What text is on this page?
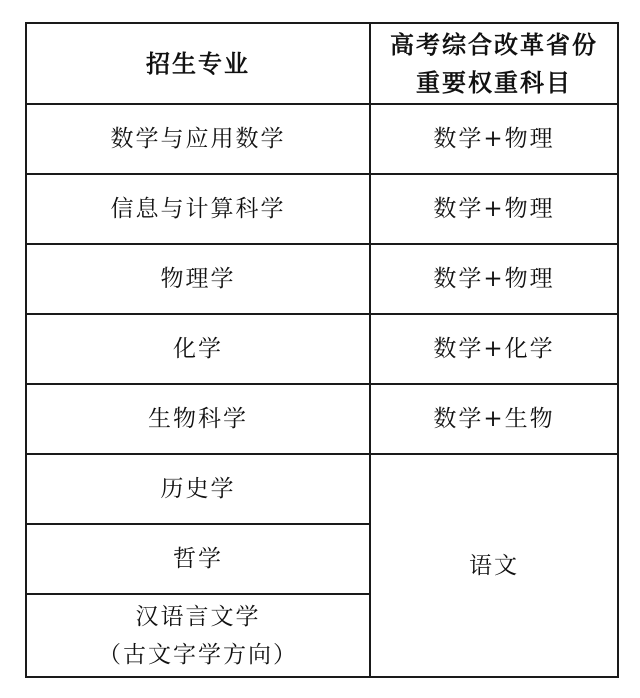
招生专业	高考综合改革省份
重要权重科目

数学与应用数学	数学+物理
信息与计算科学	数学+物理
物理学	数学+物理
化学	数学+化学
生物科学	数学+生物
历史学	语文
哲学	

汉语言文学
（古文字学方向）	
